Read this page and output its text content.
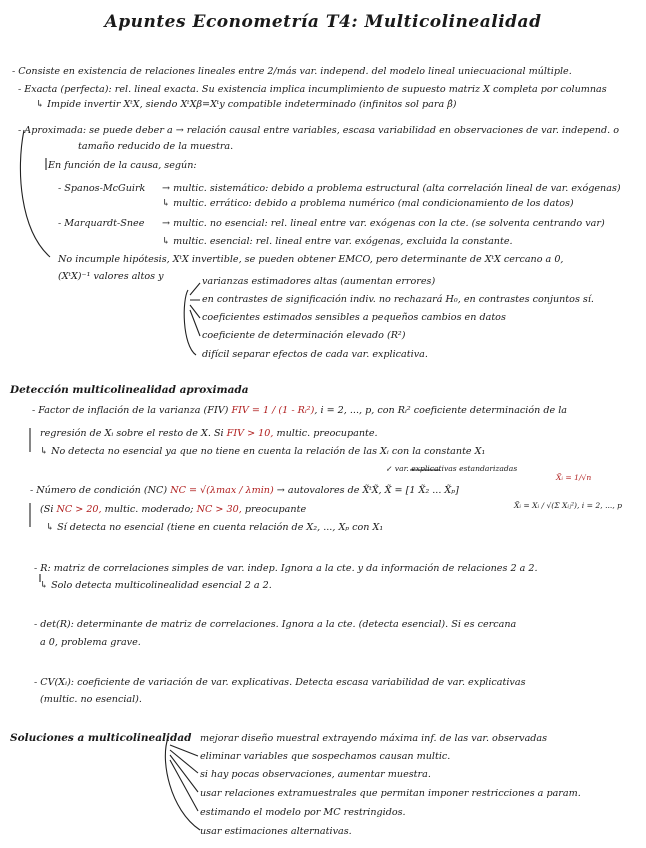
Apuntes Econometría T4: Multicolinealidad
- Consiste en existencia de relaciones lineales entre 2/más var. independ. del modelo lineal uniecuacional múltiple.
- Exacta (perfecta): rel. lineal exacta. Su existencia implica incumplimiento de supuesto matriz X completa por columnas
↳ Impide invertir XᵗX, siendo XᵗXβ=Xᵗy compatible indeterminado (infinitos sol para β̂)
- Aproximada: se puede deber a → relación causal entre variables, escasa variabilidad en observaciones de var. independ. o
tamaño reducido de la muestra.
En función de la causa, según:
- Spanos-McGuirk → multic. sistemático: debido a problema estructural (alta correlación lineal de var. exógenas)
↳ multic. errático: debido a problema numérico (mal condicionamiento de los datos)
- Marquardt-Snee → multic. no esencial: rel. lineal entre var. exógenas con la cte. (se solventa centrando var)
↳ multic. esencial: rel. lineal entre var. exógenas, excluida la constante.
No incumple hipótesis, XᵗX invertible, se pueden obtener EMCO, pero determinante de XᵗX cercano a 0,
(XᵗX)⁻¹ valores altos y	varianzas estimadores altas (aumentan errores)
en contrastes de significación indiv. no rechazará H₀, en contrastes conjuntos sí.
coeficientes estimados sensibles a pequeños cambios en datos
coeficiente de determinación elevado (R²)
difícil separar efectos de cada var. explicativa.
Detección multicolinealidad aproximada
- Factor de inflación de la varianza (FIV) FIV = 1 / (1 - Rᵢ²), i = 2, ..., p, con Rᵢ² coeficiente determinación de la
regresión de Xᵢ sobre el resto de X. Si FIV > 10, multic. preocupante.
↳ No detecta no esencial ya que no tiene en cuenta la relación de las Xᵢ con la constante X₁
↙ var. explicativas estandarizadas
X̃ᵢ = 1/√n
- Número de condición (NC) NC = √(λmax / λmin) → autovalores de X̃ᵗX̃, X̃ = [1 X̃₂ ... X̃ₚ]
X̃ᵢ = Xᵢ / √(Σ Xᵢⱼ²), i = 2, ..., p
(Si NC > 20, multic. moderado; NC > 30, preocupante
↳ Sí detecta no esencial (tiene en cuenta relación de X₂, ..., Xₚ con X₁
- R: matriz de correlaciones simples de var. indep. Ignora a la cte. y da información de relaciones 2 a 2.
↳ Solo detecta multicolinealidad esencial 2 a 2.
- det(R): determinante de matriz de correlaciones. Ignora a la cte. (detecta esencial). Si es cercana
a 0, problema grave.
- CV(Xᵢ): coeficiente de variación de var. explicativas. Detecta escasa variabilidad de var. explicativas
(multic. no esencial).
Soluciones a multicolinealidad mejorar diseño muestral extrayendo máxima inf. de las var. observadas
eliminar variables que sospechamos causan multic.
si hay pocas observaciones, aumentar muestra.
usar relaciones extramuestrales que permitan imponer restricciones a param.
estimando el modelo por MC restringidos.
usar estimaciones alternativas.
